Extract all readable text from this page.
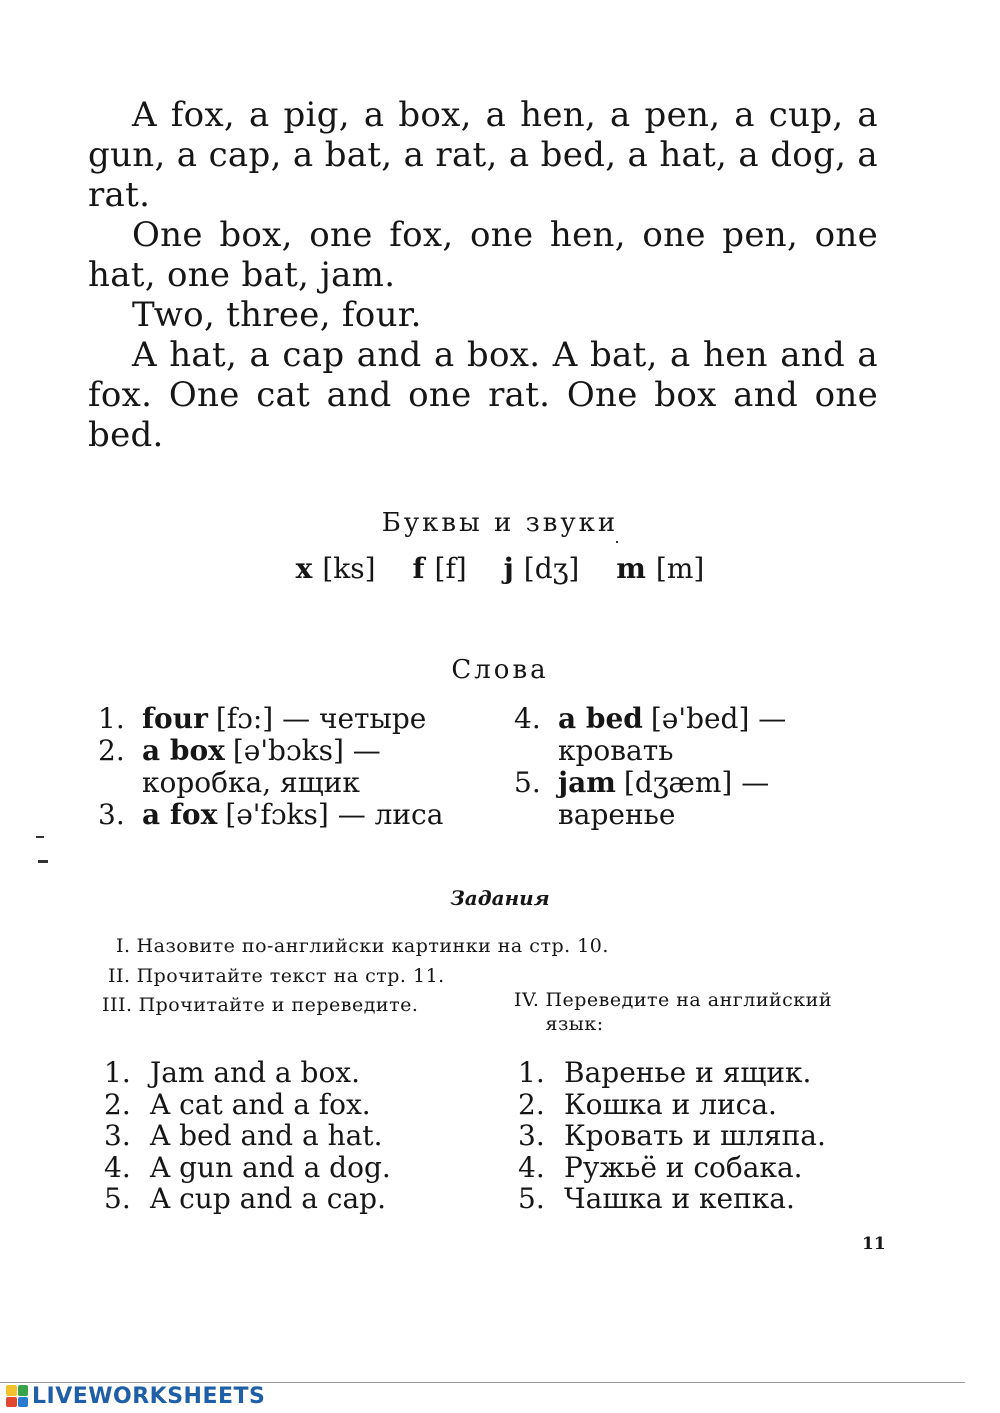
A fox, a pig, a box, a hen, a pen, a cup, a gun, a cap, a bat, a rat, a bed, a hat, a dog, a rat.

One box, one fox, one hen, one pen, one hat, one bat, jam.

Two, three, four.

A hat, a cap and a box. A bat, a hen and a fox. One cat and one rat. One box and one bed.

Буквы и звуки
x [ks] f [f] j [dʒ] m [m]
Слова
1. four [fɔ:] — четыре
2. a box [ə'bɔks] — коробка, ящик
3. a fox [ə'fɔks] — лиса
4. a bed [ə'bed] — кровать
5. jam [dʒæm] — варенье
Задания
I. Назовите по-английски картинки на стр. 10.
II. Прочитайте текст на стр. 11.
III. Прочитайте и переведите.	IV. Переведите на английский язык:
1. Jam and a box.
2. A cat and a fox.
3. A bed and a hat.
4. A gun and a dog.
5. A cup and a cap.
1. Варенье и ящик.
2. Кошка и лиса.
3. Кровать и шляпа.
4. Ружьё и собака.
5. Чашка и кепка.
11
LIVEWORKSHEETS
